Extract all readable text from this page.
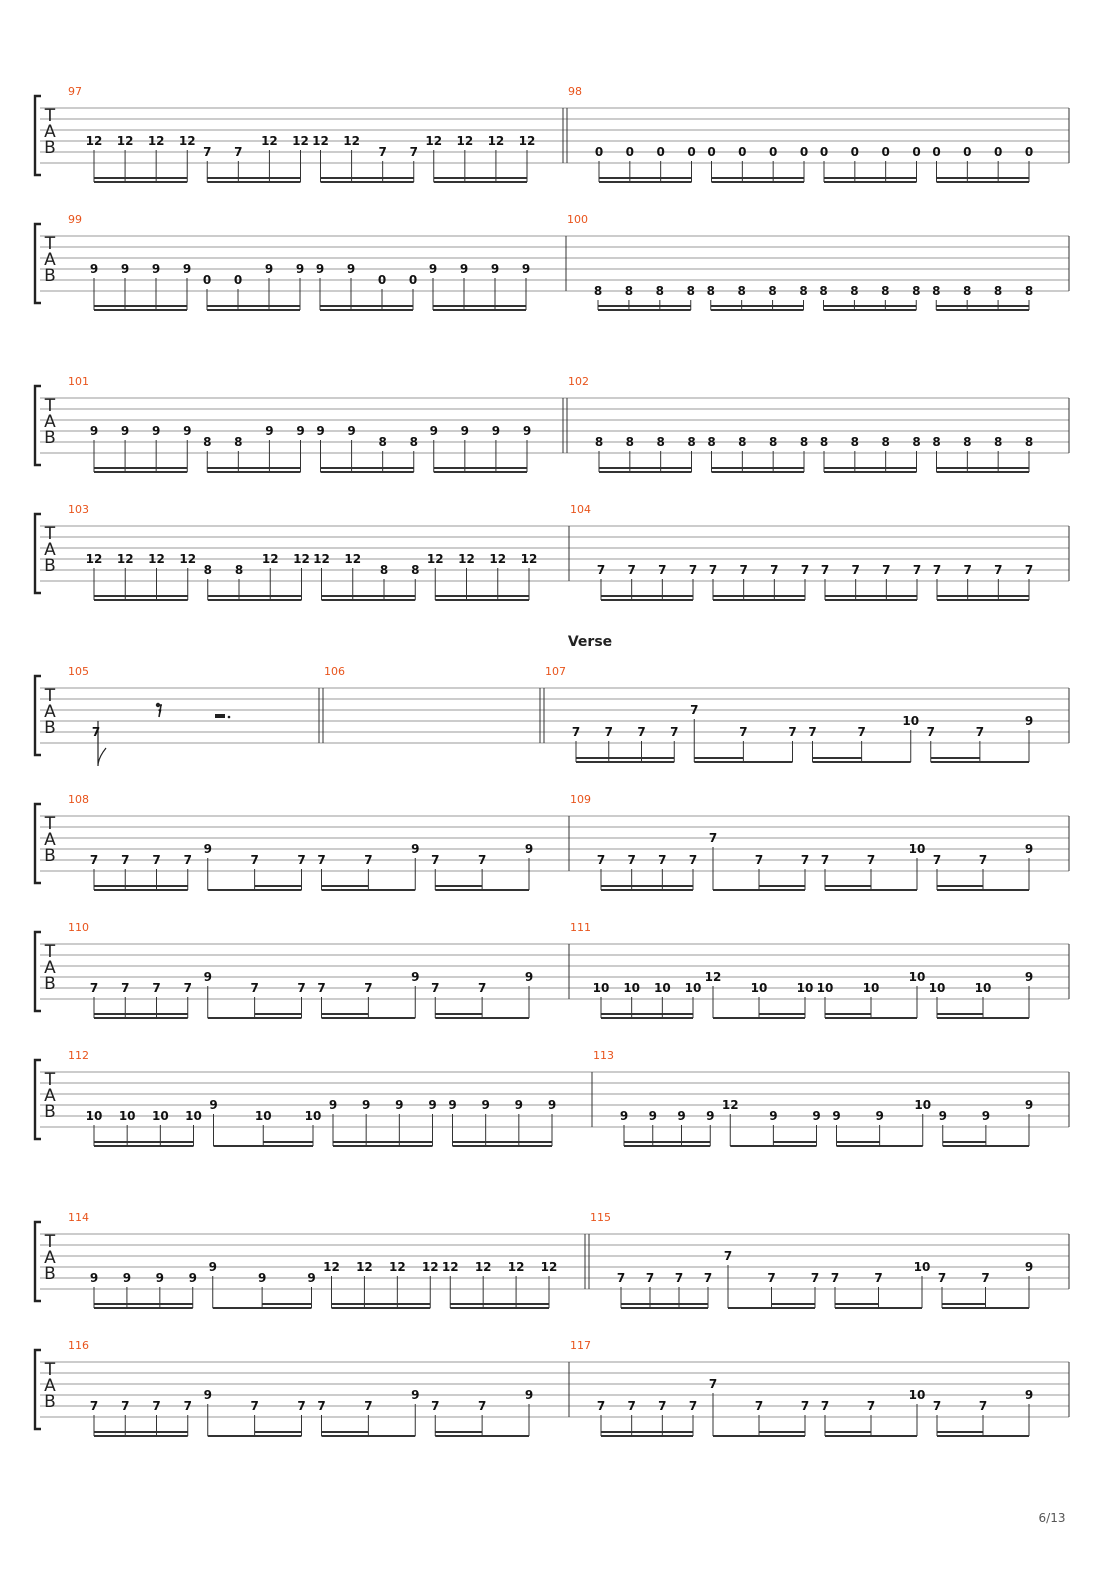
T
A
B
97
12 12 12 12
7 7
12 12 12 12
7 7
12 12 12 12
98
0 0 0 0 0 0 0 0 0 0 0 0 0 0 0 0
T
A
B
99
9 9 9 9
0 0
9 9 9 9
0 0
9 9 9 9
100
8 8 8 8 8 8 8 8 8 8 8 8 8 8 8 8
T
A
B
101
9 9 9 9
8 8
9 9 9 9
8 8
9 9 9 9
102
8 8 8 8 8 8 8 8 8 8 8 8 8 8 8 8
T
A
B
103
12 12 12 12
8 8
12 12 12 12
8 8
12 12 12 12
104
7 7 7 7 7 7 7 7 7 7 7 7 7 7 7 7
T
A
B
105
7
𝄾
106	107
7 7 7 7
7
7	7 7	7
10
7	7
9
T
A
B
108
7 7 7 7
9
7	7 7	7
9
7	7
9
109
7 7 7 7
7
7	7 7	7
10
7	7
9
T
A
B
110
7 7 7 7
9
7	7 7	7
9
7	7
9
111
10 10 10 10
12
10 10 10 10
10
10 10
9
T
A
B
112
10 10 10 10
9
10	10
9 9 9 9 9 9 9 9
113
9 9 9 9
12
9	9 9	9
10
9	9
9
T
A
B
114
9 9 9 9
9
9	9
12 12 12 12 12 12 12 12
115
7 7 7 7
7
7	7 7	7
10
7	7
9
T
A
B
116
7 7 7 7
9
7	7 7	7
9
7	7
9
117
7 7 7 7
7
7	7 7	7
10
7	7
9
Verse
6/13
